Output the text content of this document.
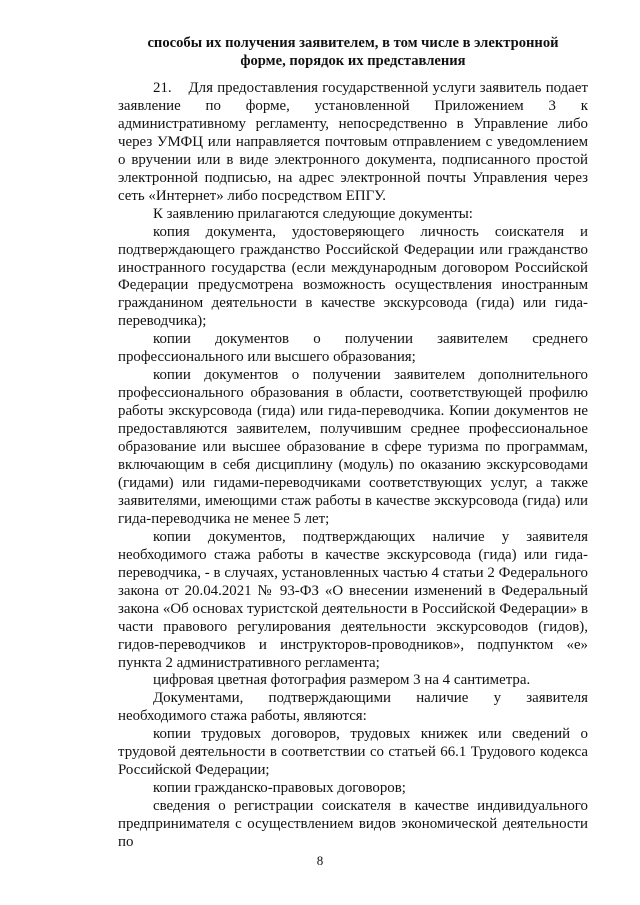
способы их получения заявителем, в том числе в электронной
форме, порядок их представления

21.    Для предоставления государственной услуги заявитель подает заявление по форме, установленной Приложением 3 к административному регламенту, непосредственно в Управление либо через УМФЦ или направляется почтовым отправлением с уведомлением о вручении или в виде электронного документа, подписанного простой электронной подписью, на адрес электронной почты Управления через сеть «Интернет» либо посредством ЕПГУ.

К заявлению прилагаются следующие документы:

копия документа, удостоверяющего личность соискателя и подтверждающего гражданство Российской Федерации или гражданство иностранного государства (если международным договором Российской Федерации предусмотрена возможность осуществления иностранным гражданином деятельности в качестве экскурсовода (гида) или гида-переводчика);

копии документов о получении заявителем среднего профессионального или высшего образования;

копии документов о получении заявителем дополнительного профессионального образования в области, соответствующей профилю работы экскурсовода (гида) или гида-переводчика. Копии документов не предоставляются заявителем, получившим среднее профессиональное образование или высшее образование в сфере туризма по программам, включающим в себя дисциплину (модуль) по оказанию экскурсоводами (гидами) или гидами-переводчиками соответствующих услуг, а также заявителями, имеющими стаж работы в качестве экскурсовода (гида) или гида-переводчика не менее 5 лет;

копии документов, подтверждающих наличие у заявителя необходимого стажа работы в качестве экскурсовода (гида) или гида-переводчика, - в случаях, установленных частью 4 статьи 2 Федерального закона от 20.04.2021 № 93-ФЗ «О внесении изменений в Федеральный закона «Об основах туристской деятельности в Российской Федерации» в части правового регулирования деятельности экскурсоводов (гидов), гидов-переводчиков и инструкторов-проводников», подпунктом «е» пункта 2 административного регламента;

цифровая цветная фотография размером 3 на 4 сантиметра.

Документами, подтверждающими наличие у заявителя необходимого стажа работы, являются:

копии трудовых договоров, трудовых книжек или сведений о трудовой деятельности в соответствии со статьей 66.1 Трудового кодекса Российской Федерации;

копии гражданско-правовых договоров;

сведения о регистрации соискателя в качестве индивидуального предпринимателя с осуществлением видов экономической деятельности по

8
